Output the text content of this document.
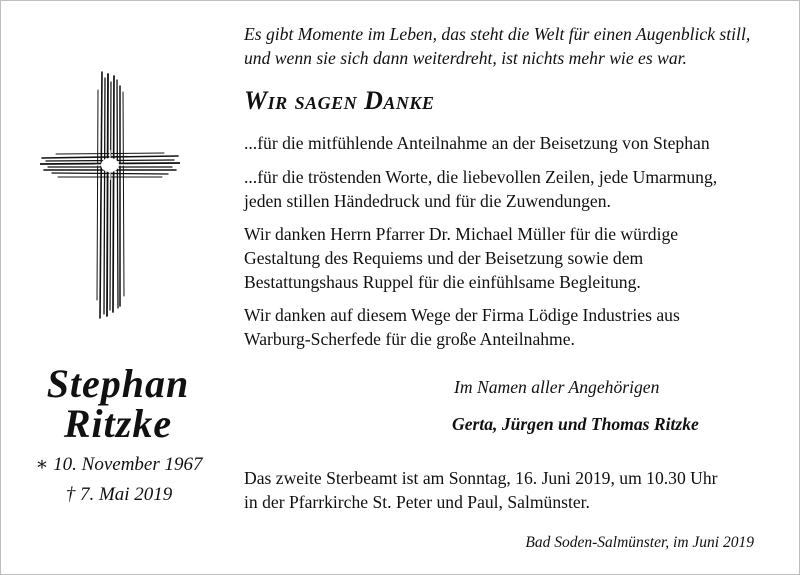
Stephan
Ritzke
∗ 10. November 1967
† 7. Mai 2019
Es gibt Momente im Leben, das steht die Welt für einen Augenblick still,
und wenn sie sich dann weiterdreht, ist nichts mehr wie es war.
Wir sagen Danke
...für die mitfühlende Anteilnahme an der Beisetzung von Stephan
...für die tröstenden Worte, die liebevollen Zeilen, jede Umarmung,
jeden stillen Händedruck und für die Zuwendungen.
Wir danken Herrn Pfarrer Dr. Michael Müller für die würdige
Gestaltung des Requiems und der Beisetzung sowie dem
Bestattungshaus Ruppel für die einfühlsame Begleitung.
Wir danken auf diesem Wege der Firma Lödige Industries aus
Warburg-Scherfede für die große Anteilnahme.
Im Namen aller Angehörigen
Gerta, Jürgen und Thomas Ritzke
Das zweite Sterbeamt ist am Sonntag, 16. Juni 2019, um 10.30 Uhr
in der Pfarrkirche St. Peter und Paul, Salmünster.
Bad Soden-Salmünster, im Juni 2019
